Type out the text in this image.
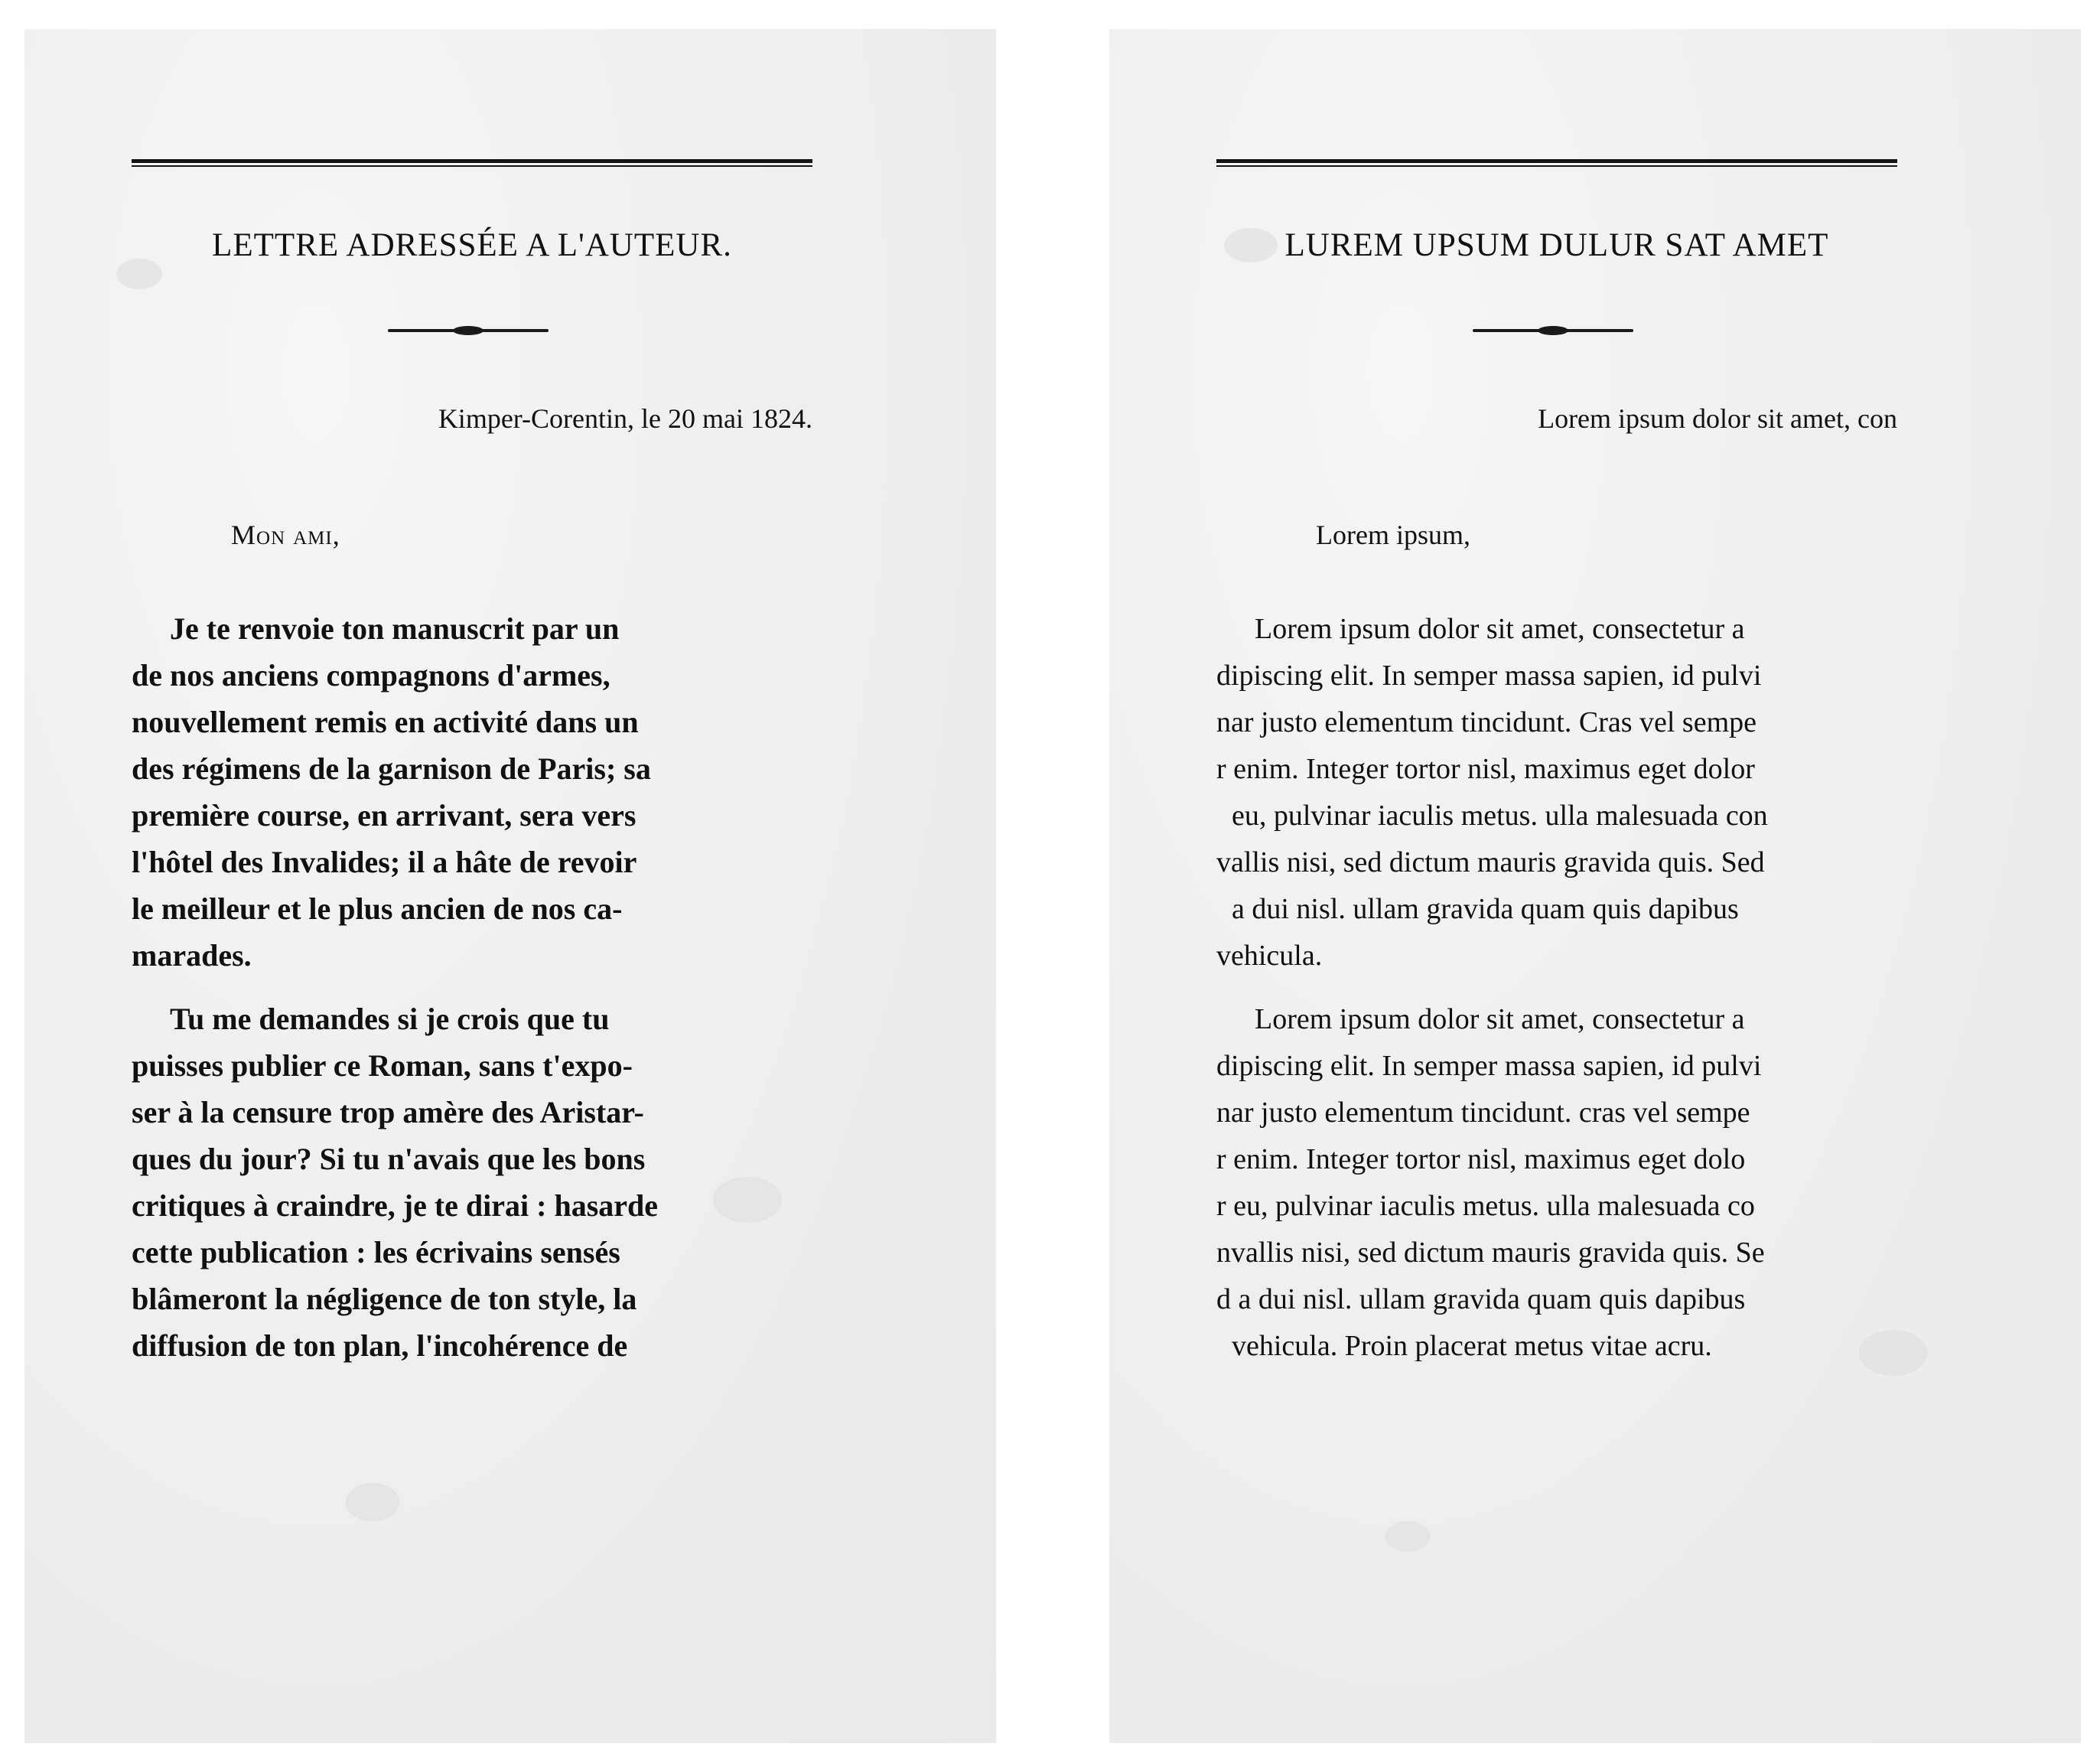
LETTRE ADRESSÉE A L'AUTEUR.
Kimper-Corentin, le 20 mai 1824.
Mon ami,
Je te renvoie ton manuscrit par un
de nos anciens compagnons d'armes,
nouvellement remis en activité dans un
des régimens de la garnison de Paris; sa
première course, en arrivant, sera vers
l'hôtel des Invalides; il a hâte de revoir
le meilleur et le plus ancien de nos ca-
marades.
Tu me demandes si je crois que tu
puisses publier ce Roman, sans t'expo-
ser à la censure trop amère des Aristar-
ques du jour? Si tu n'avais que les bons
critiques à craindre, je te dirai : hasarde
cette publication : les écrivains sensés
blâmeront la négligence de ton style, la
diffusion de ton plan, l'incohérence de
LUREM UPSUM DULUR SAT AMET
Lorem ipsum dolor sit amet, con
Lorem ipsum,
Lorem ipsum dolor sit amet, consectetur a
dipiscing elit. In semper massa sapien, id pulvi
nar justo elementum tincidunt. Cras vel sempe
r enim. Integer tortor nisl, maximus eget dolor
eu, pulvinar iaculis metus. ulla malesuada con
vallis nisi, sed dictum mauris gravida quis. Sed
a dui nisl. ullam gravida quam quis dapibus
vehicula.
Lorem ipsum dolor sit amet, consectetur a
dipiscing elit. In semper massa sapien, id pulvi
nar justo elementum tincidunt. cras vel sempe
r enim. Integer tortor nisl, maximus eget dolo
r eu, pulvinar iaculis metus. ulla malesuada co
nvallis nisi, sed dictum mauris gravida quis. Se
d a dui nisl. ullam gravida quam quis dapibus
vehicula. Proin placerat metus vitae acru.
